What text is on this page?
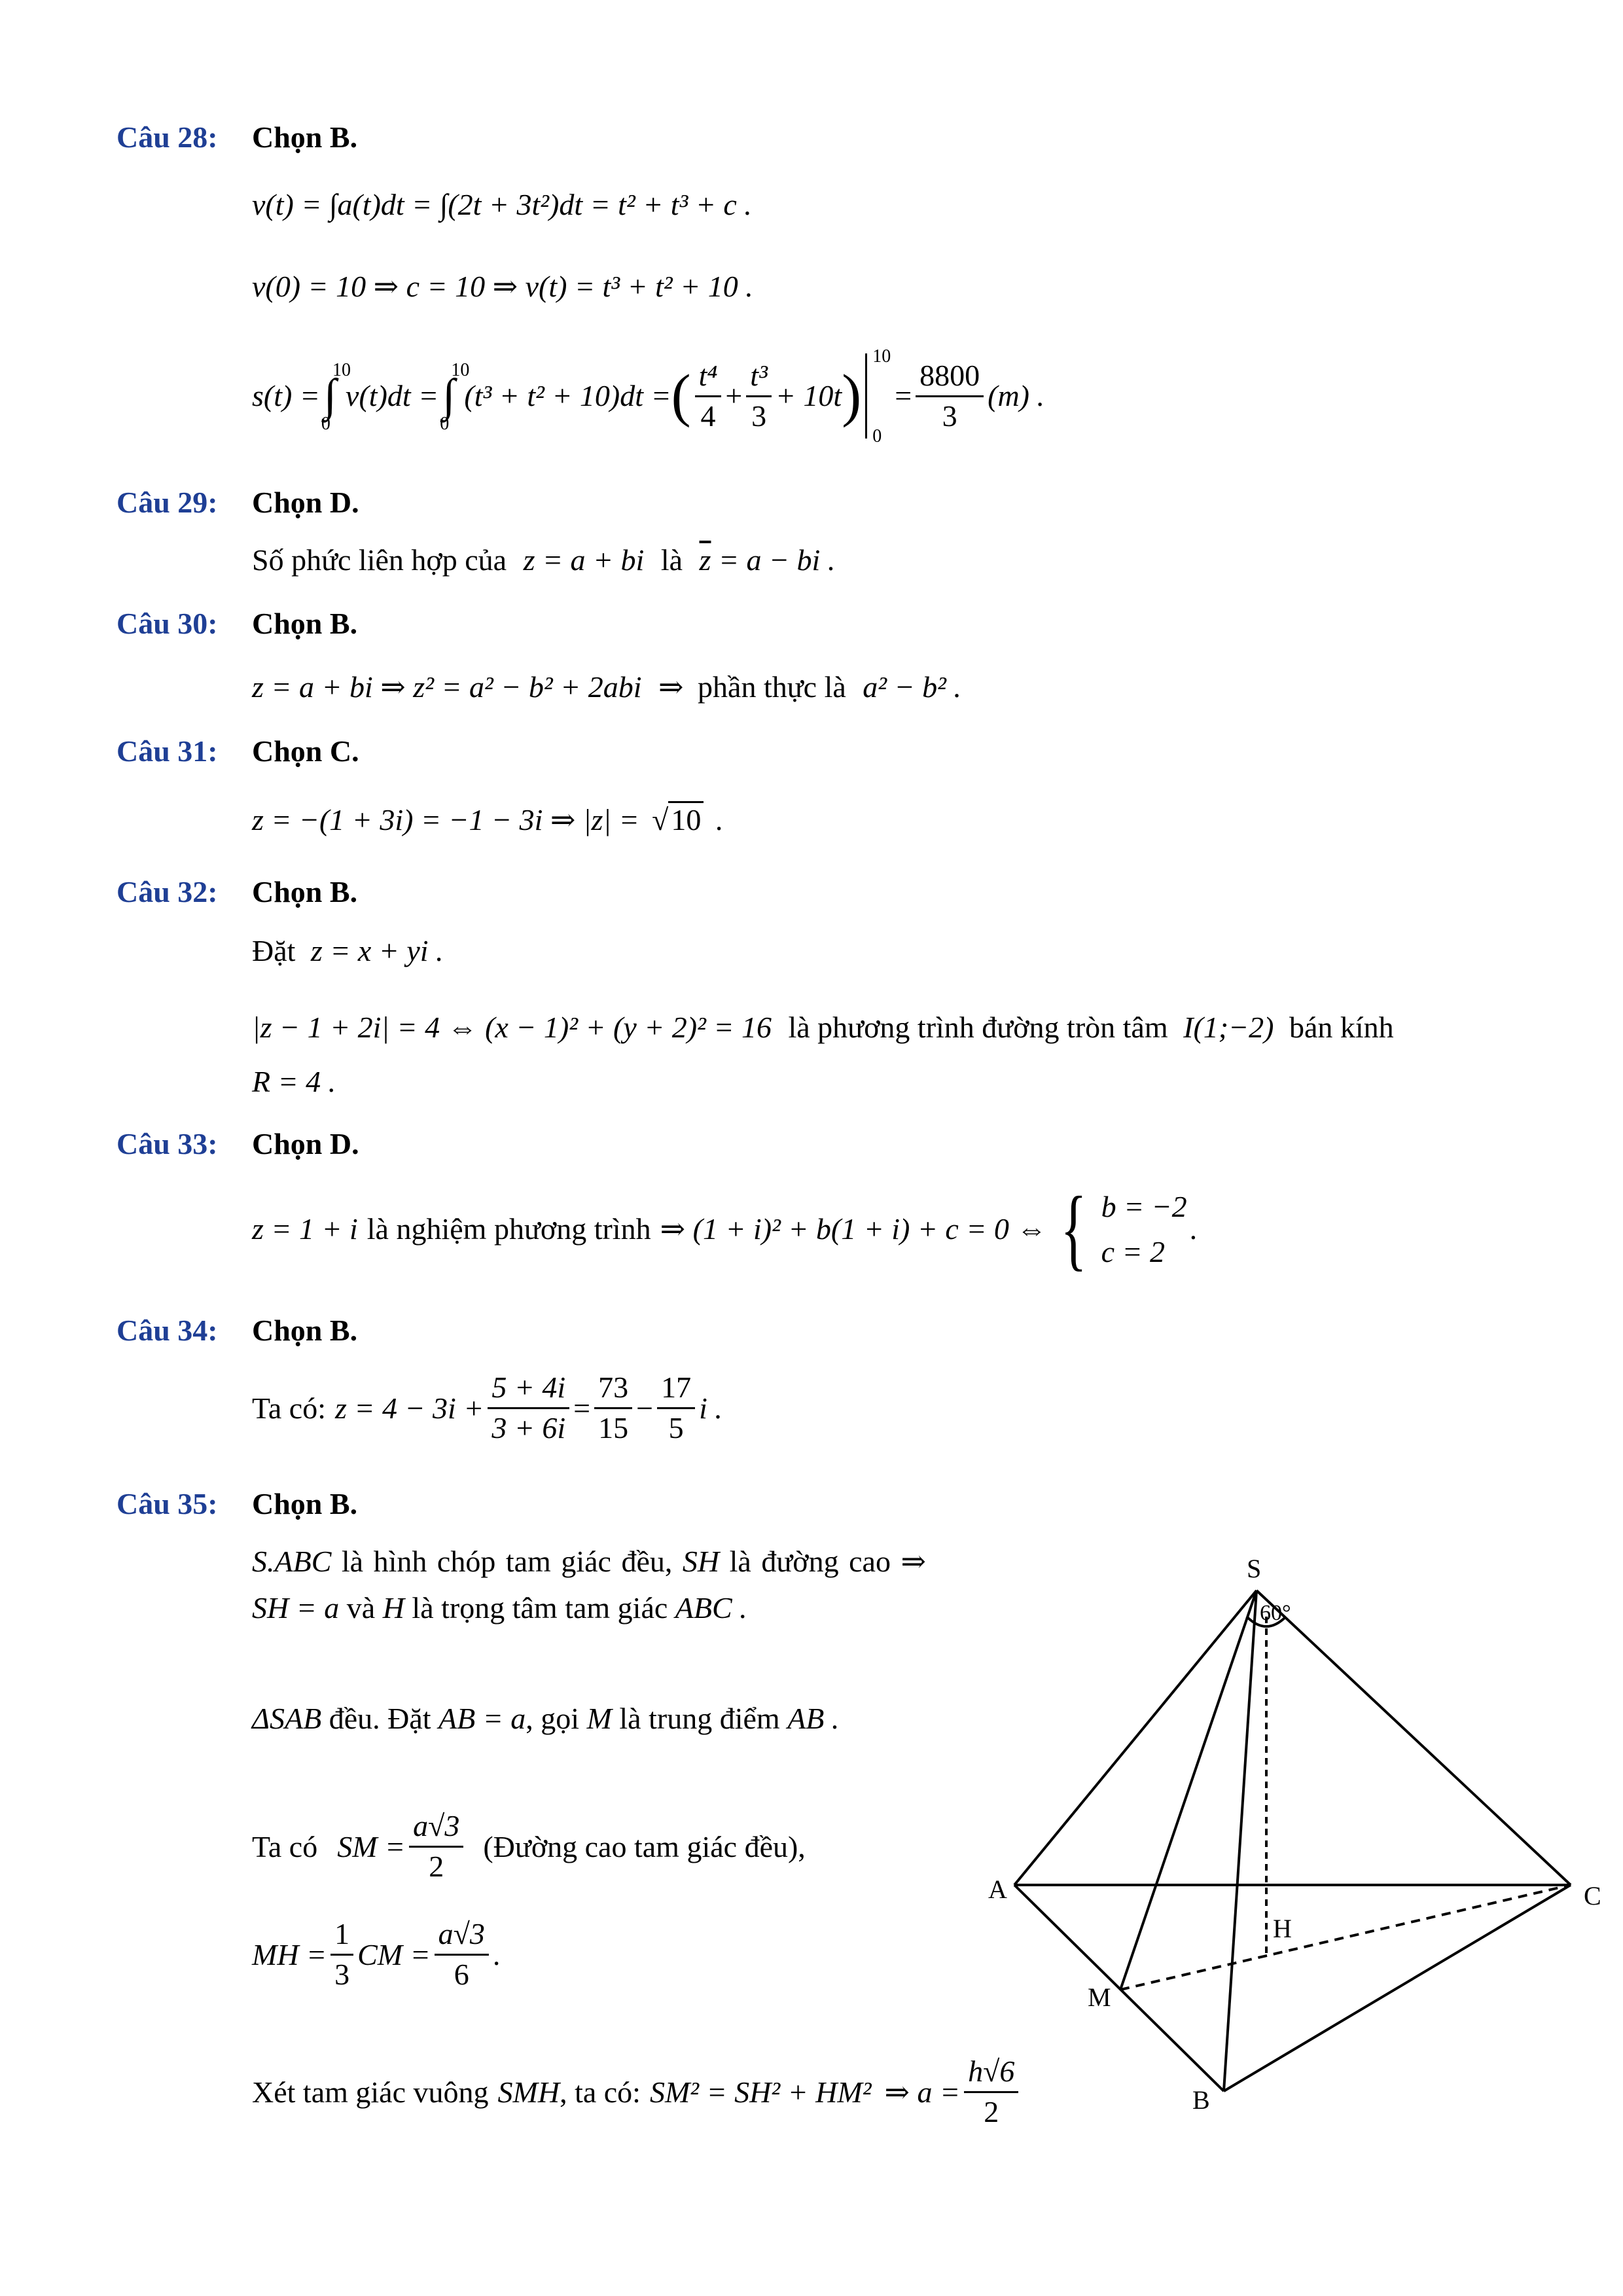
Câu 28: Chọn B.
v(t) = ∫a(t)dt = ∫(2t + 3t²)dt = t² + t³ + c .
v(0) = 10 ⇒ c = 10 ⇒ v(t) = t³ + t² + 10 .
s(t) = ∫
10
0
v(t)dt = ∫
10
0
(t³ + t² + 10)dt = ( $\frac{\text{t⁴}}{4} + \frac{\text{t³}}{3} + 10t$ )
10
0
= $\frac{8800}{3} (m)$ .
Câu 29: Chọn D.
Số phức liên hợp của z = a + bi là $\overline{z} = a$ − bi .
Câu 30: Chọn B.
z = a + bi ⇒ z² = a² − b² + 2abi ⇒ phần thực là a² − b² .
Câu 31: Chọn C.
z = −(1 + 3i) = −1 − 3i ⇒ |z| = √10 .
Câu 32: Chọn B.
Đặt z = x + yi .
|z − 1 + 2i| = 4 ⇔ (x − 1)² + (y + 2)² = 16 là phương trình đường tròn tâm I(1;−2) bán kính
R = 4 .
Câu 33: Chọn D.
z = 1 + i là nghiệm phương trình ⇒ (1 + i)² + b(1 + i) + c = 0 ⇔ { b = −2
c = 2
.
Câu 34: Chọn B.
Ta có: $z = 4 - 3i + \frac{5 + 4i}{3 + 6i} = \frac{73}{15} - \frac{17}{5}$ i .
Câu 35: Chọn B.
S.ABC là hình chóp tam giác đều, SH là đường cao ⇒ SH = a và H là trọng tâm tam giác ABC .
ΔSAB đều. Đặt AB = a, gọi M là trung điểm AB .
Ta có SM = $\frac{a√3}{2}$ (Đường cao tam giác đều),
MH = $\frac{1}{3}$ CM = $\frac{a√3}{6}$ .
Xét tam giác vuông SMH , ta có: SM² = SH² + HM² ⇒ $a = \frac{h√6}{2}$
S
A	C
B
M
H
60°
